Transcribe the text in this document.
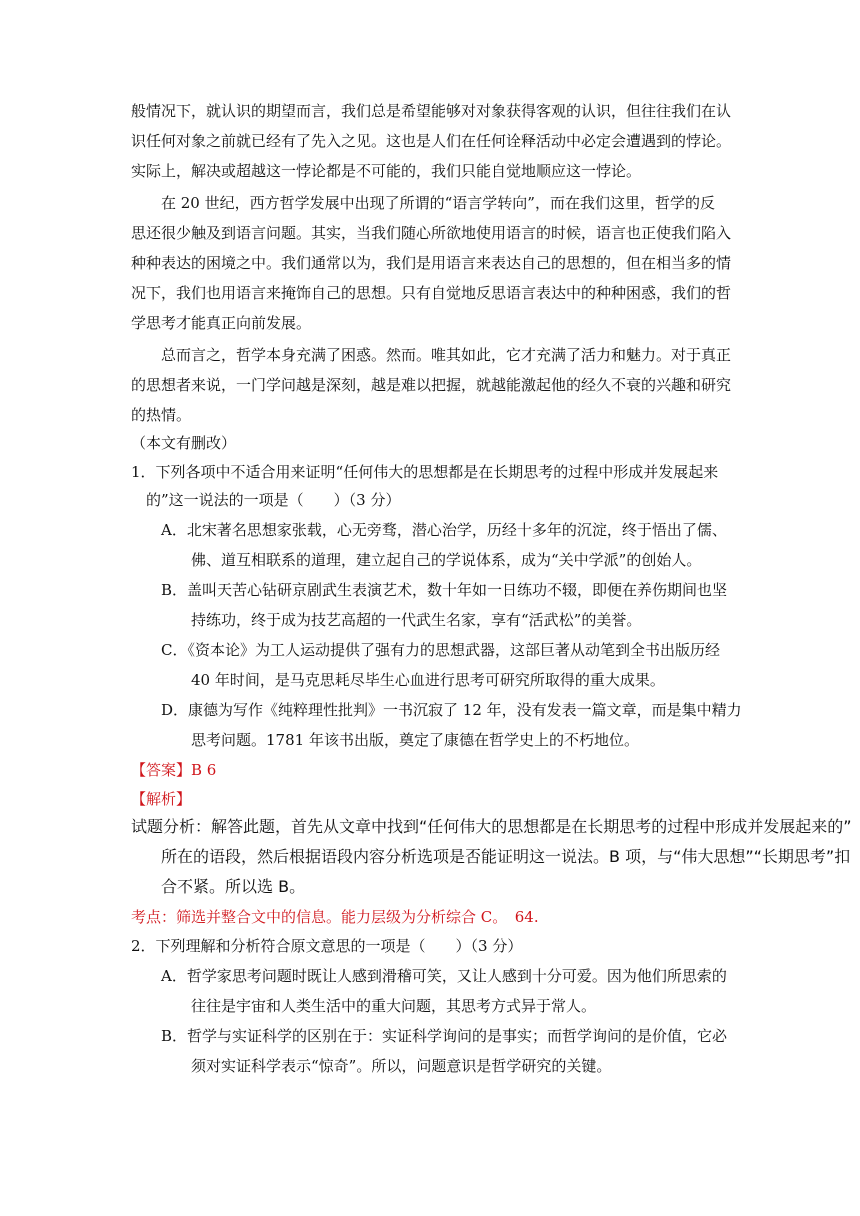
般情况下，就认识的期望而言，我们总是希望能够对对象获得客观的认识，但往往我们在认
识任何对象之前就已经有了先入之见。这也是人们在任何诠释活动中必定会遭遇到的悖论。
实际上，解决或超越这一悖论都是不可能的，我们只能自觉地顺应这一悖论。
在 20 世纪，西方哲学发展中出现了所谓的“语言学转向”，而在我们这里，哲学的反
思还很少触及到语言问题。其实，当我们随心所欲地使用语言的时候，语言也正使我们陷入
种种表达的困境之中。我们通常以为，我们是用语言来表达自己的思想的，但在相当多的情
况下，我们也用语言来掩饰自己的思想。只有自觉地反思语言表达中的种种困惑，我们的哲
学思考才能真正向前发展。
总而言之，哲学本身充满了困惑。然而。唯其如此，它才充满了活力和魅力。对于真正
的思想者来说，一门学问越是深刻，越是难以把握，就越能激起他的经久不衰的兴趣和研究
的热情。
（本文有删改）
1．下列各项中不适合用来证明“任何伟大的思想都是在长期思考的过程中形成并发展起来
的”这一说法的一项是（　　）（3 分）
A．北宋著名思想家张载，心无旁骛，潜心治学，历经十多年的沉淀，终于悟出了儒、
佛、道互相联系的道理，建立起自己的学说体系，成为“关中学派”的创始人。
B．盖叫天苦心钻研京剧武生表演艺术，数十年如一日练功不辍，即便在养伤期间也坚
持练功，终于成为技艺高超的一代武生名家，享有“活武松”的美誉。
C．《资本论》为工人运动提供了强有力的思想武器，这部巨著从动笔到全书出版历经
40 年时间，是马克思耗尽毕生心血进行思考可研究所取得的重大成果。
D．康德为写作《纯粹理性批判》一书沉寂了 12 年，没有发表一篇文章，而是集中精力
思考问题。1781 年该书出版，奠定了康德在哲学史上的不朽地位。
【答案】B 6
【解析】
试题分析：解答此题，首先从文章中找到“任何伟大的思想都是在长期思考的过程中形成并发展起来的”
所在的语段，然后根据语段内容分析选项是否能证明这一说法。B 项，与“伟大思想”“长期思考”扣
合不紧。所以选 B。
考点：筛选并整合文中的信息。能力层级为分析综合 C。　64.
2．下列理解和分析符合原文意思的一项是（　　）（3 分）
A．哲学家思考问题时既让人感到滑稽可笑，又让人感到十分可爱。因为他们所思索的
往往是宇宙和人类生活中的重大问题，其思考方式异于常人。
B．哲学与实证科学的区别在于：实证科学询问的是事实；而哲学询问的是价值，它必
须对实证科学表示“惊奇”。所以，问题意识是哲学研究的关键。
